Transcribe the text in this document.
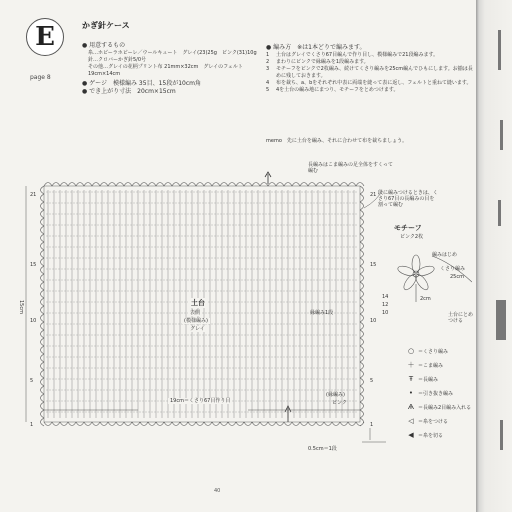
E
page 8
かぎ針ケース
● 用意するもの
糸…ホビーラホビーレ／ウールキュート　グレイ(23)25g　ピンク(31)10g
針…クロバーかぎ針5/0号
その他…グレイの花柄プリント布 21mm×32cm　グレイのフェルト 19cm×14cm
● ゲージ　模様編み 35目、15段が10cm角
● でき上がり寸法　20cm×15cm
● 編み方　※は1本どりで編みます。
1 土台はグレイでくさり67目編んで作り目し、模様編みで21段編みます。
2 まわりにピンクで縁編みを1段編みます。
3 モチーフをピンクで2枚編み、続けてくさり編みを25cm編んでひもにします。お揃は長めに残しておきます。
4 布を裁ち、a、bをそれぞれ中表に両端を縫って表に返し、フェルトと重ねて縫います。
5 4を土台の編み地にまつり、モチーフをとめつけます。
memo　先に土台を編み、それに合わせて布を裁ちましょう。
長編みはこま編みの足全体をすくって編む
21
15
10
5
1
21
15
10
5
1
15cm	土台
表側
(模様編み)
グレイ
19cm＝くさり67目作り目
(縁編み)
ピンク
0.5cm＝1段
縁編み1段
段に編みつけるときは、くさり67目の長編みの目を割って編む
モチーフ
ピンク2枚
編みはじめ
くさり編み
25cm
2cm
14
12
10	土台にとめつける
○ ＝くさり編み
＋ ＝こま編み
Ŧ ＝長編み
• ＝引き抜き編み
Ѧ ＝長編み2目編み入れる
◁ ＝糸をつける
◀ ＝糸を切る
40
